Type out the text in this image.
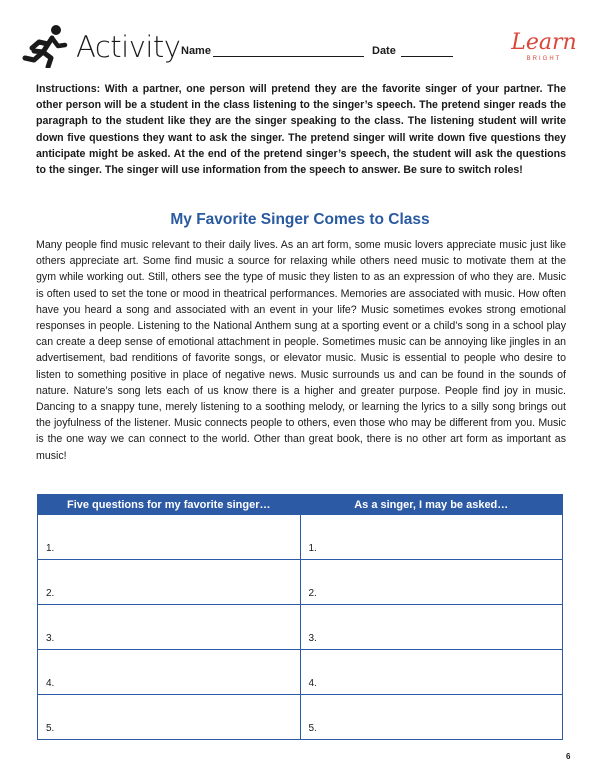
Activity Name	Date	Learn
BRIGHT
Instructions: With a partner, one person will pretend they are the favorite singer of your partner. The other person will be a student in the class listening to the singer’s speech. The pretend singer reads the paragraph to the student like they are the singer speaking to the class. The listening student will write down five questions they want to ask the singer. The pretend singer will write down five questions they anticipate might be asked. At the end of the pretend singer’s speech, the student will ask the questions to the singer. The singer will use information from the speech to answer. Be sure to switch roles!
My Favorite Singer Comes to Class
Many people find music relevant to their daily lives. As an art form, some music lovers appreciate music just like others appreciate art. Some find music a source for relaxing while others need music to motivate them at the gym while working out. Still, others see the type of music they listen to as an expression of who they are. Music is often used to set the tone or mood in theatrical performances. Memories are associated with music. How often have you heard a song and associated with an event in your life? Music sometimes evokes strong emotional responses in people. Listening to the National Anthem sung at a sporting event or a child’s song in a school play can create a deep sense of emotional attachment in people. Sometimes music can be annoying like jingles in an advertisement, bad renditions of favorite songs, or elevator music. Music is essential to people who desire to listen to something positive in place of negative news. Music surrounds us and can be found in the sounds of nature. Nature’s song lets each of us know there is a higher and greater purpose. People find joy in music. Dancing to a snappy tune, merely listening to a soothing melody, or learning the lyrics to a silly song brings out the joyfulness of the listener. Music connects people to others, even those who may be different from you. Music is the one way we can connect to the world. Other than great book, there is no other art form as important as music!
Five questions for my favorite singer…	As a singer, I may be asked…
1.	1.
2.	2.
3.	3.
4.	4.
5.	5.
6
